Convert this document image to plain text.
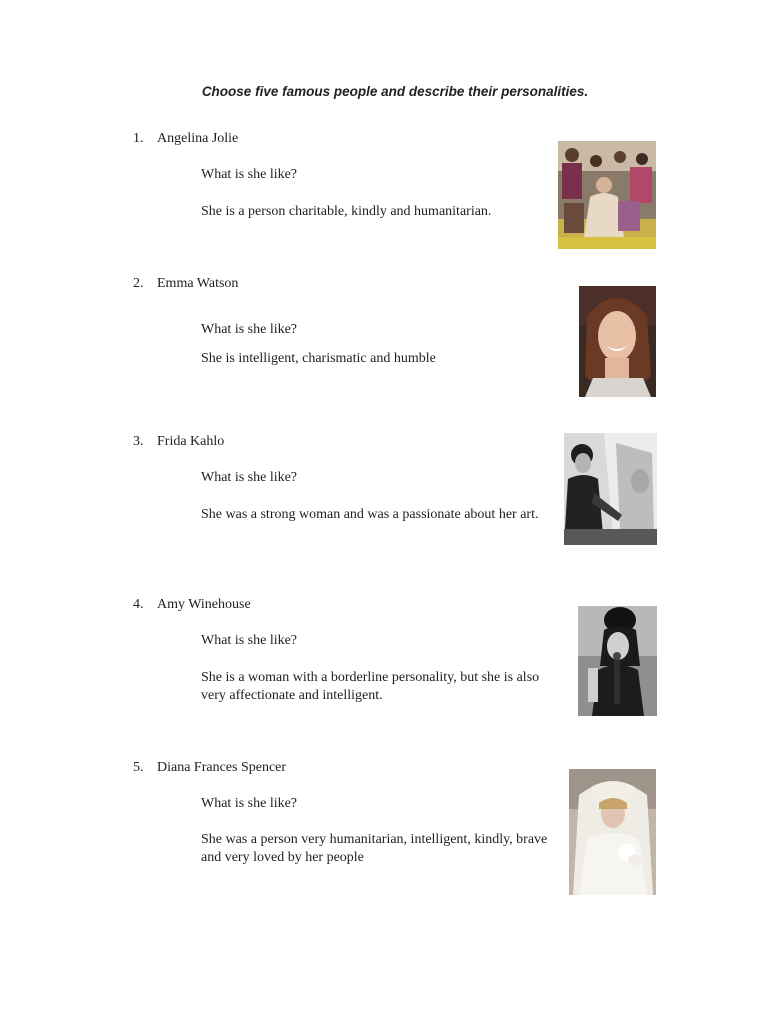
Choose five famous people and describe their personalities.
1. Angelina Jolie
What is she like?
She is a person charitable, kindly and humanitarian.
2. Emma Watson
What is she like?
She is intelligent, charismatic and humble
3. Frida Kahlo
What is she like?
She was a strong woman and was a passionate about her art.
4. Amy Winehouse
What is she like?
She is a woman with a borderline personality, but she is also very affectionate and intelligent.
5. Diana Frances Spencer
What is she like?
She was a person very humanitarian, intelligent, kindly, brave and very loved by her people
